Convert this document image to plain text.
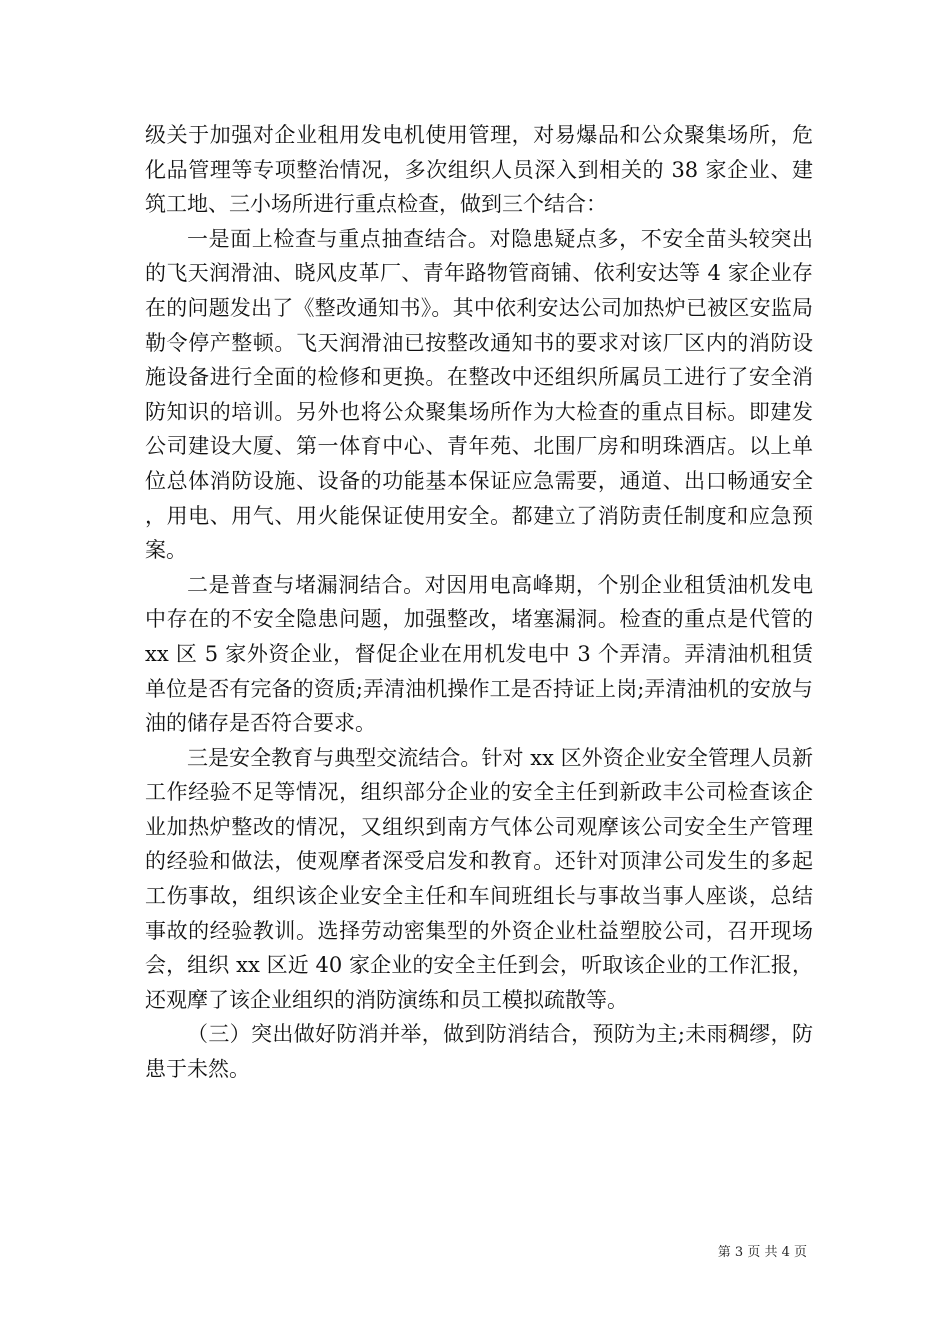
级关于加强对企业租用发电机使用管理，对易爆品和公众聚集场所，危化品管理等专项整治情况，多次组织人员深入到相关的 38 家企业、建筑工地、三小场所进行重点检查，做到三个结合：

一是面上检查与重点抽查结合。对隐患疑点多，不安全苗头较突出的飞天润滑油、晓风皮革厂、青年路物管商铺、依利安达等 4 家企业存在的问题发出了《整改通知书》。其中依利安达公司加热炉已被区安监局勒令停产整顿。飞天润滑油已按整改通知书的要求对该厂区内的消防设施设备进行全面的检修和更换。在整改中还组织所属员工进行了安全消防知识的培训。另外也将公众聚集场所作为大检查的重点目标。即建发公司建设大厦、第一体育中心、青年苑、北围厂房和明珠酒店。以上单位总体消防设施、设备的功能基本保证应急需要，通道、出口畅通安全，用电、用气、用火能保证使用安全。都建立了消防责任制度和应急预案。

二是普查与堵漏洞结合。对因用电高峰期，个别企业租赁油机发电中存在的不安全隐患问题，加强整改，堵塞漏洞。检查的重点是代管的 xx 区 5 家外资企业，督促企业在用机发电中 3 个弄清。弄清油机租赁单位是否有完备的资质;弄清油机操作工是否持证上岗;弄清油机的安放与油的储存是否符合要求。

三是安全教育与典型交流结合。针对 xx 区外资企业安全管理人员新工作经验不足等情况，组织部分企业的安全主任到新政丰公司检查该企业加热炉整改的情况，又组织到南方气体公司观摩该公司安全生产管理的经验和做法，使观摩者深受启发和教育。还针对顶津公司发生的多起工伤事故，组织该企业安全主任和车间班组长与事故当事人座谈，总结事故的经验教训。选择劳动密集型的外资企业杜益塑胶公司，召开现场会，组织 xx 区近 40 家企业的安全主任到会，听取该企业的工作汇报，还观摩了该企业组织的消防演练和员工模拟疏散等。

（三）突出做好防消并举，做到防消结合，预防为主;未雨稠缪，防患于未然。

第 3 页 共 4 页
